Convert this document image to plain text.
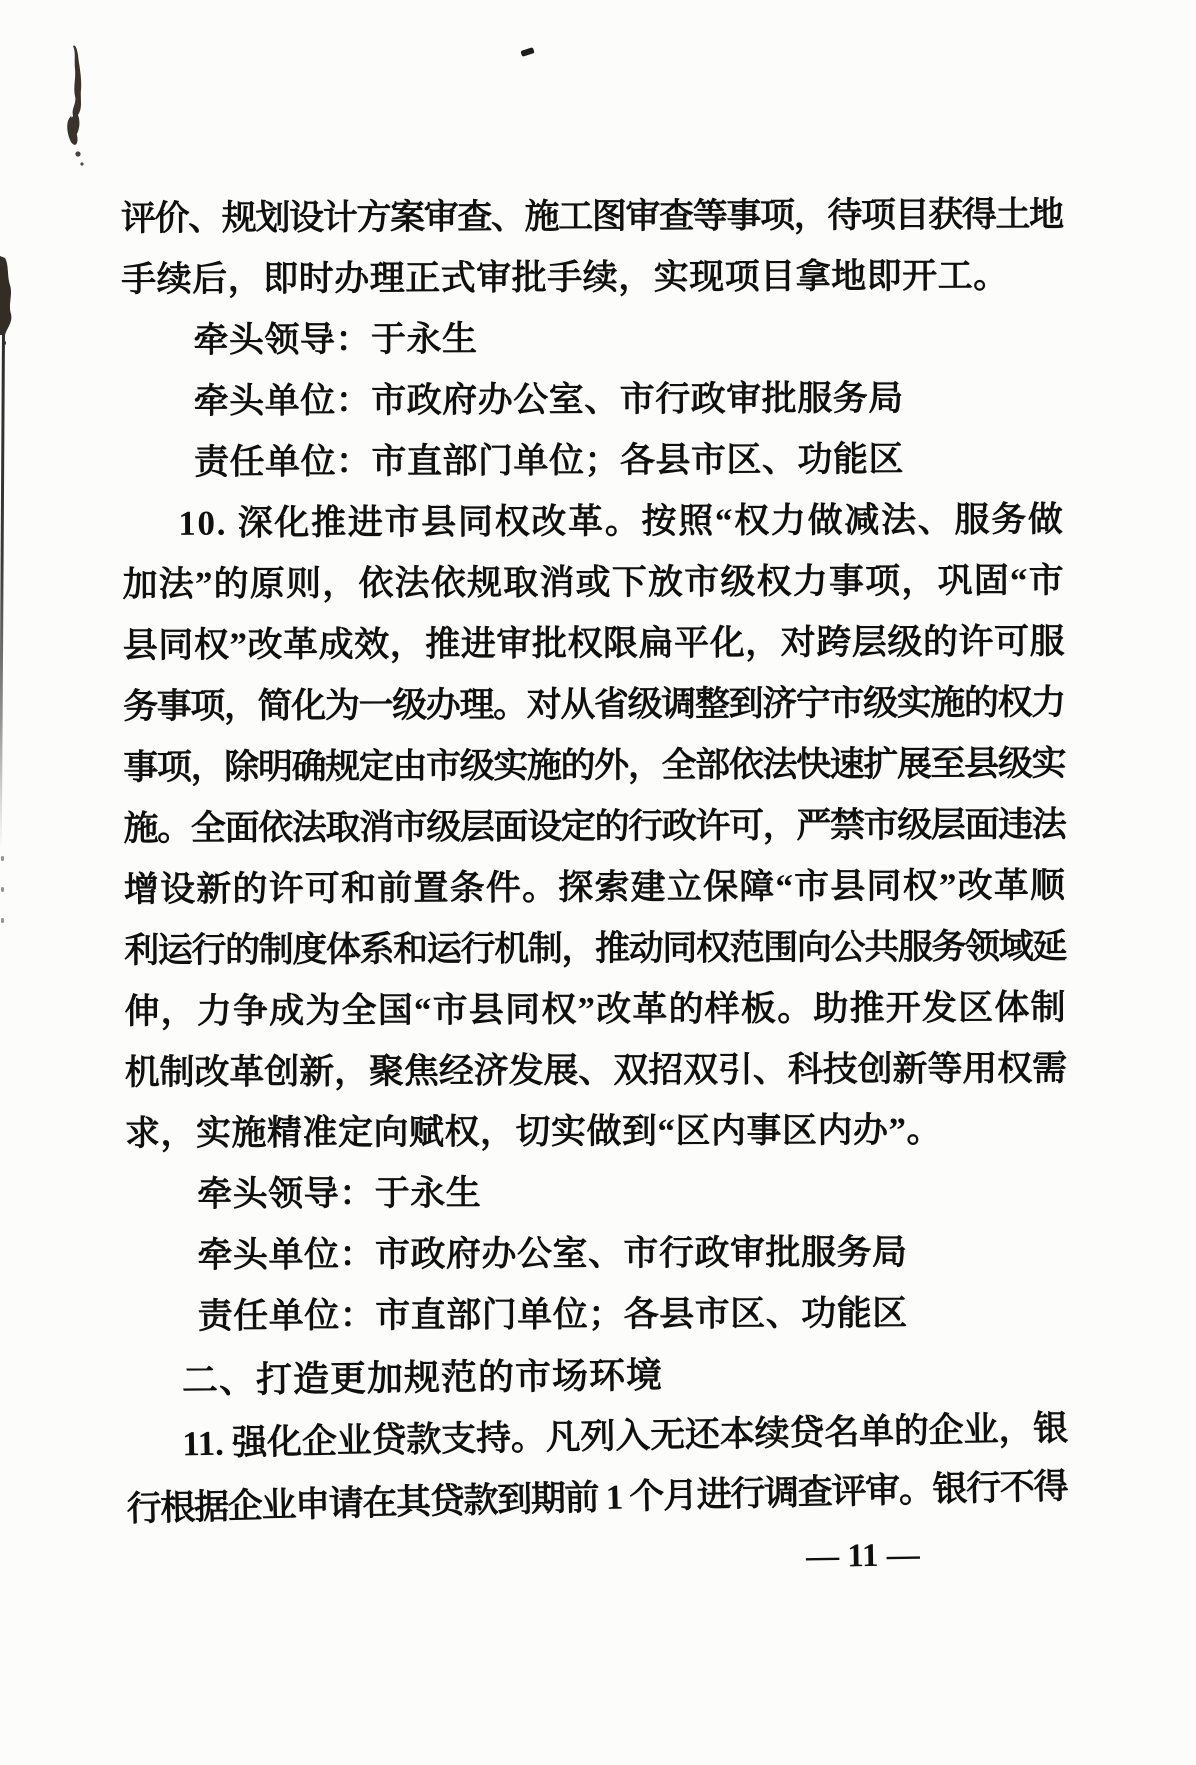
评价、规划设计方案审查、施工图审查等事项，待项目获得土地
手续后，即时办理正式审批手续，实现项目拿地即开工。
牵头领导：于永生
牵头单位：市政府办公室、市行政审批服务局
责任单位：市直部门单位；各县市区、功能区
10. 深化推进市县同权改革。按照“权力做减法、服务做
加法”的原则，依法依规取消或下放市级权力事项，巩固“市
县同权”改革成效，推进审批权限扁平化，对跨层级的许可服
务事项，简化为一级办理。对从省级调整到济宁市级实施的权力
事项，除明确规定由市级实施的外，全部依法快速扩展至县级实
施。全面依法取消市级层面设定的行政许可，严禁市级层面违法
增设新的许可和前置条件。探索建立保障“市县同权”改革顺
利运行的制度体系和运行机制，推动同权范围向公共服务领域延
伸，力争成为全国“市县同权”改革的样板。助推开发区体制
机制改革创新，聚焦经济发展、双招双引、科技创新等用权需
求，实施精准定向赋权，切实做到“区内事区内办”。
牵头领导：于永生
牵头单位：市政府办公室、市行政审批服务局
责任单位：市直部门单位；各县市区、功能区
二、打造更加规范的市场环境
11. 强化企业贷款支持。凡列入无还本续贷名单的企业，银
行根据企业申请在其贷款到期前 1 个月进行调查评审。银行不得
— 11 —
